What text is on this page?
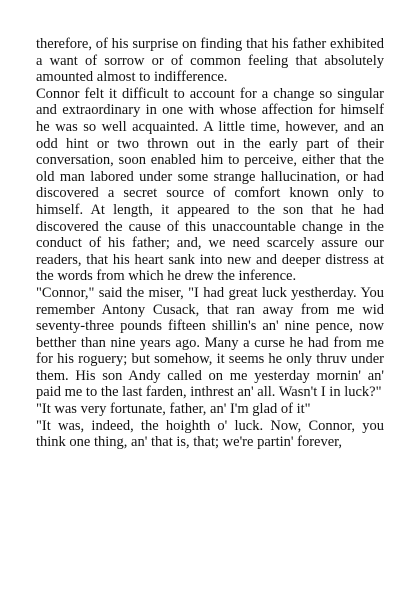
therefore, of his surprise on finding that his father exhibited a want of sorrow or of common feeling that absolutely amounted almost to indifference.

Connor felt it difficult to account for a change so singular and extraordinary in one with whose affection for himself he was so well acquainted. A little time, however, and an odd hint or two thrown out in the early part of their conversation, soon enabled him to perceive, either that the old man labored under some strange hallucination, or had discovered a secret source of comfort known only to himself. At length, it appeared to the son that he had discovered the cause of this unaccountable change in the conduct of his father; and, we need scarcely assure our readers, that his heart sank into new and deeper distress at the words from which he drew the inference.

"Connor," said the miser, "I had great luck yestherday. You remember Antony Cusack, that ran away from me wid seventy-three pounds fifteen shillin's an' nine pence, now betther than nine years ago. Many a curse he had from me for his roguery; but somehow, it seems he only thruv under them. His son Andy called on me yesterday mornin' an' paid me to the last farden, inthrest an' all. Wasn't I in luck?"

"It was very fortunate, father, an' I'm glad of it"

"It was, indeed, the hoighth o' luck. Now, Connor, you think one thing, an' that is, that; we're partin' forever,
